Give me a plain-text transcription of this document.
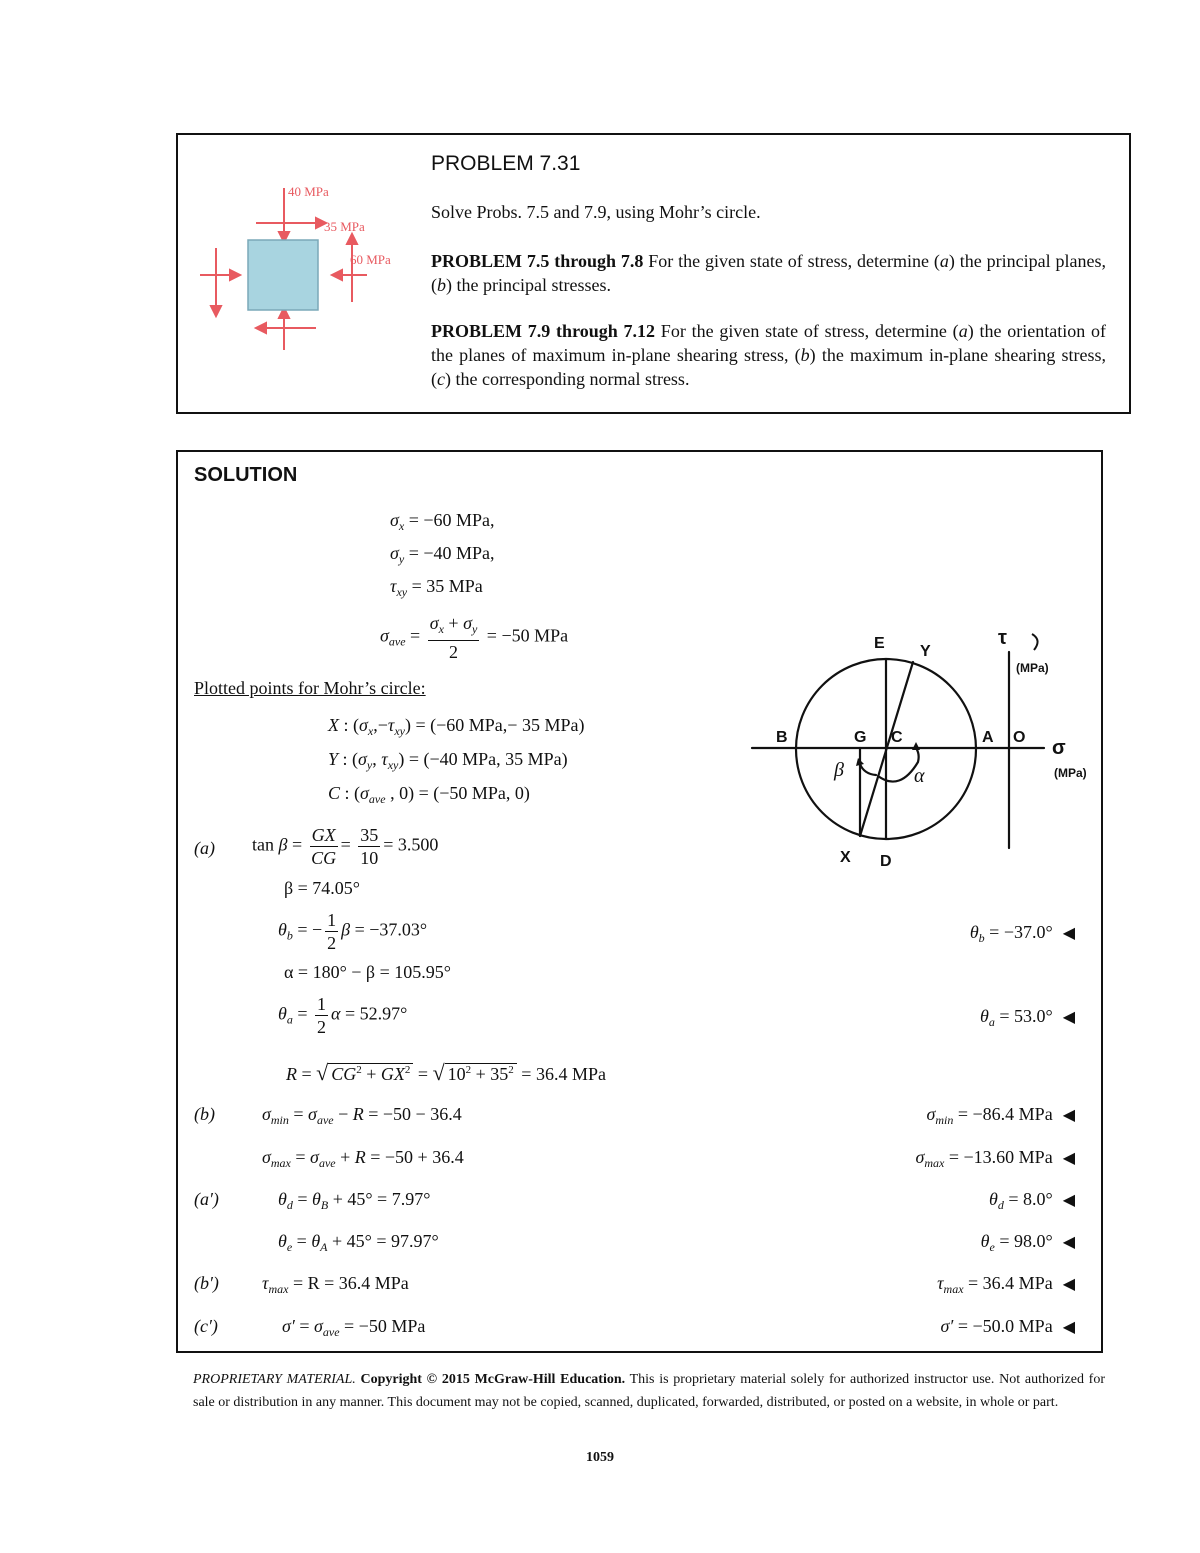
40 MPa
35 MPa
60 MPa
PROBLEM 7.31
Solve Probs. 7.5 and 7.9, using Mohr’s circle.
PROBLEM 7.5 through 7.8 For the given state of stress, determine (a) the principal planes, (b) the principal stresses.
PROBLEM 7.9 through 7.12 For the given state of stress, determine (a) the orientation of the planes of maximum in-plane shearing stress, (b) the maximum in-plane shearing stress, (c) the corresponding normal stress.
SOLUTION
$\sigma_x = -60$ MPa,
$\sigma_y = -40$ MPa,
$\tau_{xy} = 35$ MPa
$\sigma_{ave} = \frac{\sigma_x + \sigma_y}{2} = -50$ MPa
Plotted points for Mohr’s circle:
X : $(\sigma_x,-\tau_{xy}) = (-60$ MPa,− 35 MPa)
Y : ($\sigma_y$, $\tau_{xy}) = (-40$ MPa, 35 MPa)
C : ($\sigma_{ave}$ , 0) = (−50 MPa, 0)
(a) $\tan \beta = \frac{GX}{CG} = \frac{35}{10} = 3.500$
β = 74.05°
$\theta_b$ = − $\frac{1}{2}$ β = −37.03°	$\theta_b = -37.0^\circ$ ◀
α = 180° − β = 105.95°
$\theta_a = \frac{1}{2}$ α = 52.97°	$\theta_a = 53.0^\circ$ ◀
R = √ $CG^2 + \overline{GX}^2$ = √ $10^2 + 35^2 = 36.4$ MPa
(b)	$\sigma_{min} = \sigma_{ave} - R = -50 - 36.4$	$\sigma_{min} = -86.4$ MPa ◀
$\sigma_{max} = \sigma_{ave} + R = -50 + 36.4$	$\sigma_{max} = -13.60$ MPa ◀
(a′)	$\theta_d = \theta_B + 45^\circ = 7.97^\circ$	$\theta_d = 8.0^\circ$ ◀
$\theta_e = \theta_A + 45^\circ = 97.97^\circ$	$\theta_e = 98.0^\circ$ ◀
(b′) $\tau_{max} = R = 36.4$ MPa	$\tau_{max} = 36.4$ MPa ◀
(c′)	$\sigma' = \sigma_{ave} = -50$ MPa	σ′ = −50.0 MPa ◀
E Y
B	G C	A O
X D
σ
(MPa)
τ
(MPa)
β	α
PROPRIETARY MATERIAL. Copyright © 2015 McGraw-Hill Education. This is proprietary material solely for authorized instructor use. Not authorized for sale or distribution in any manner. This document may not be copied, scanned, duplicated, forwarded, distributed, or posted on a website, in whole or part.
1059
